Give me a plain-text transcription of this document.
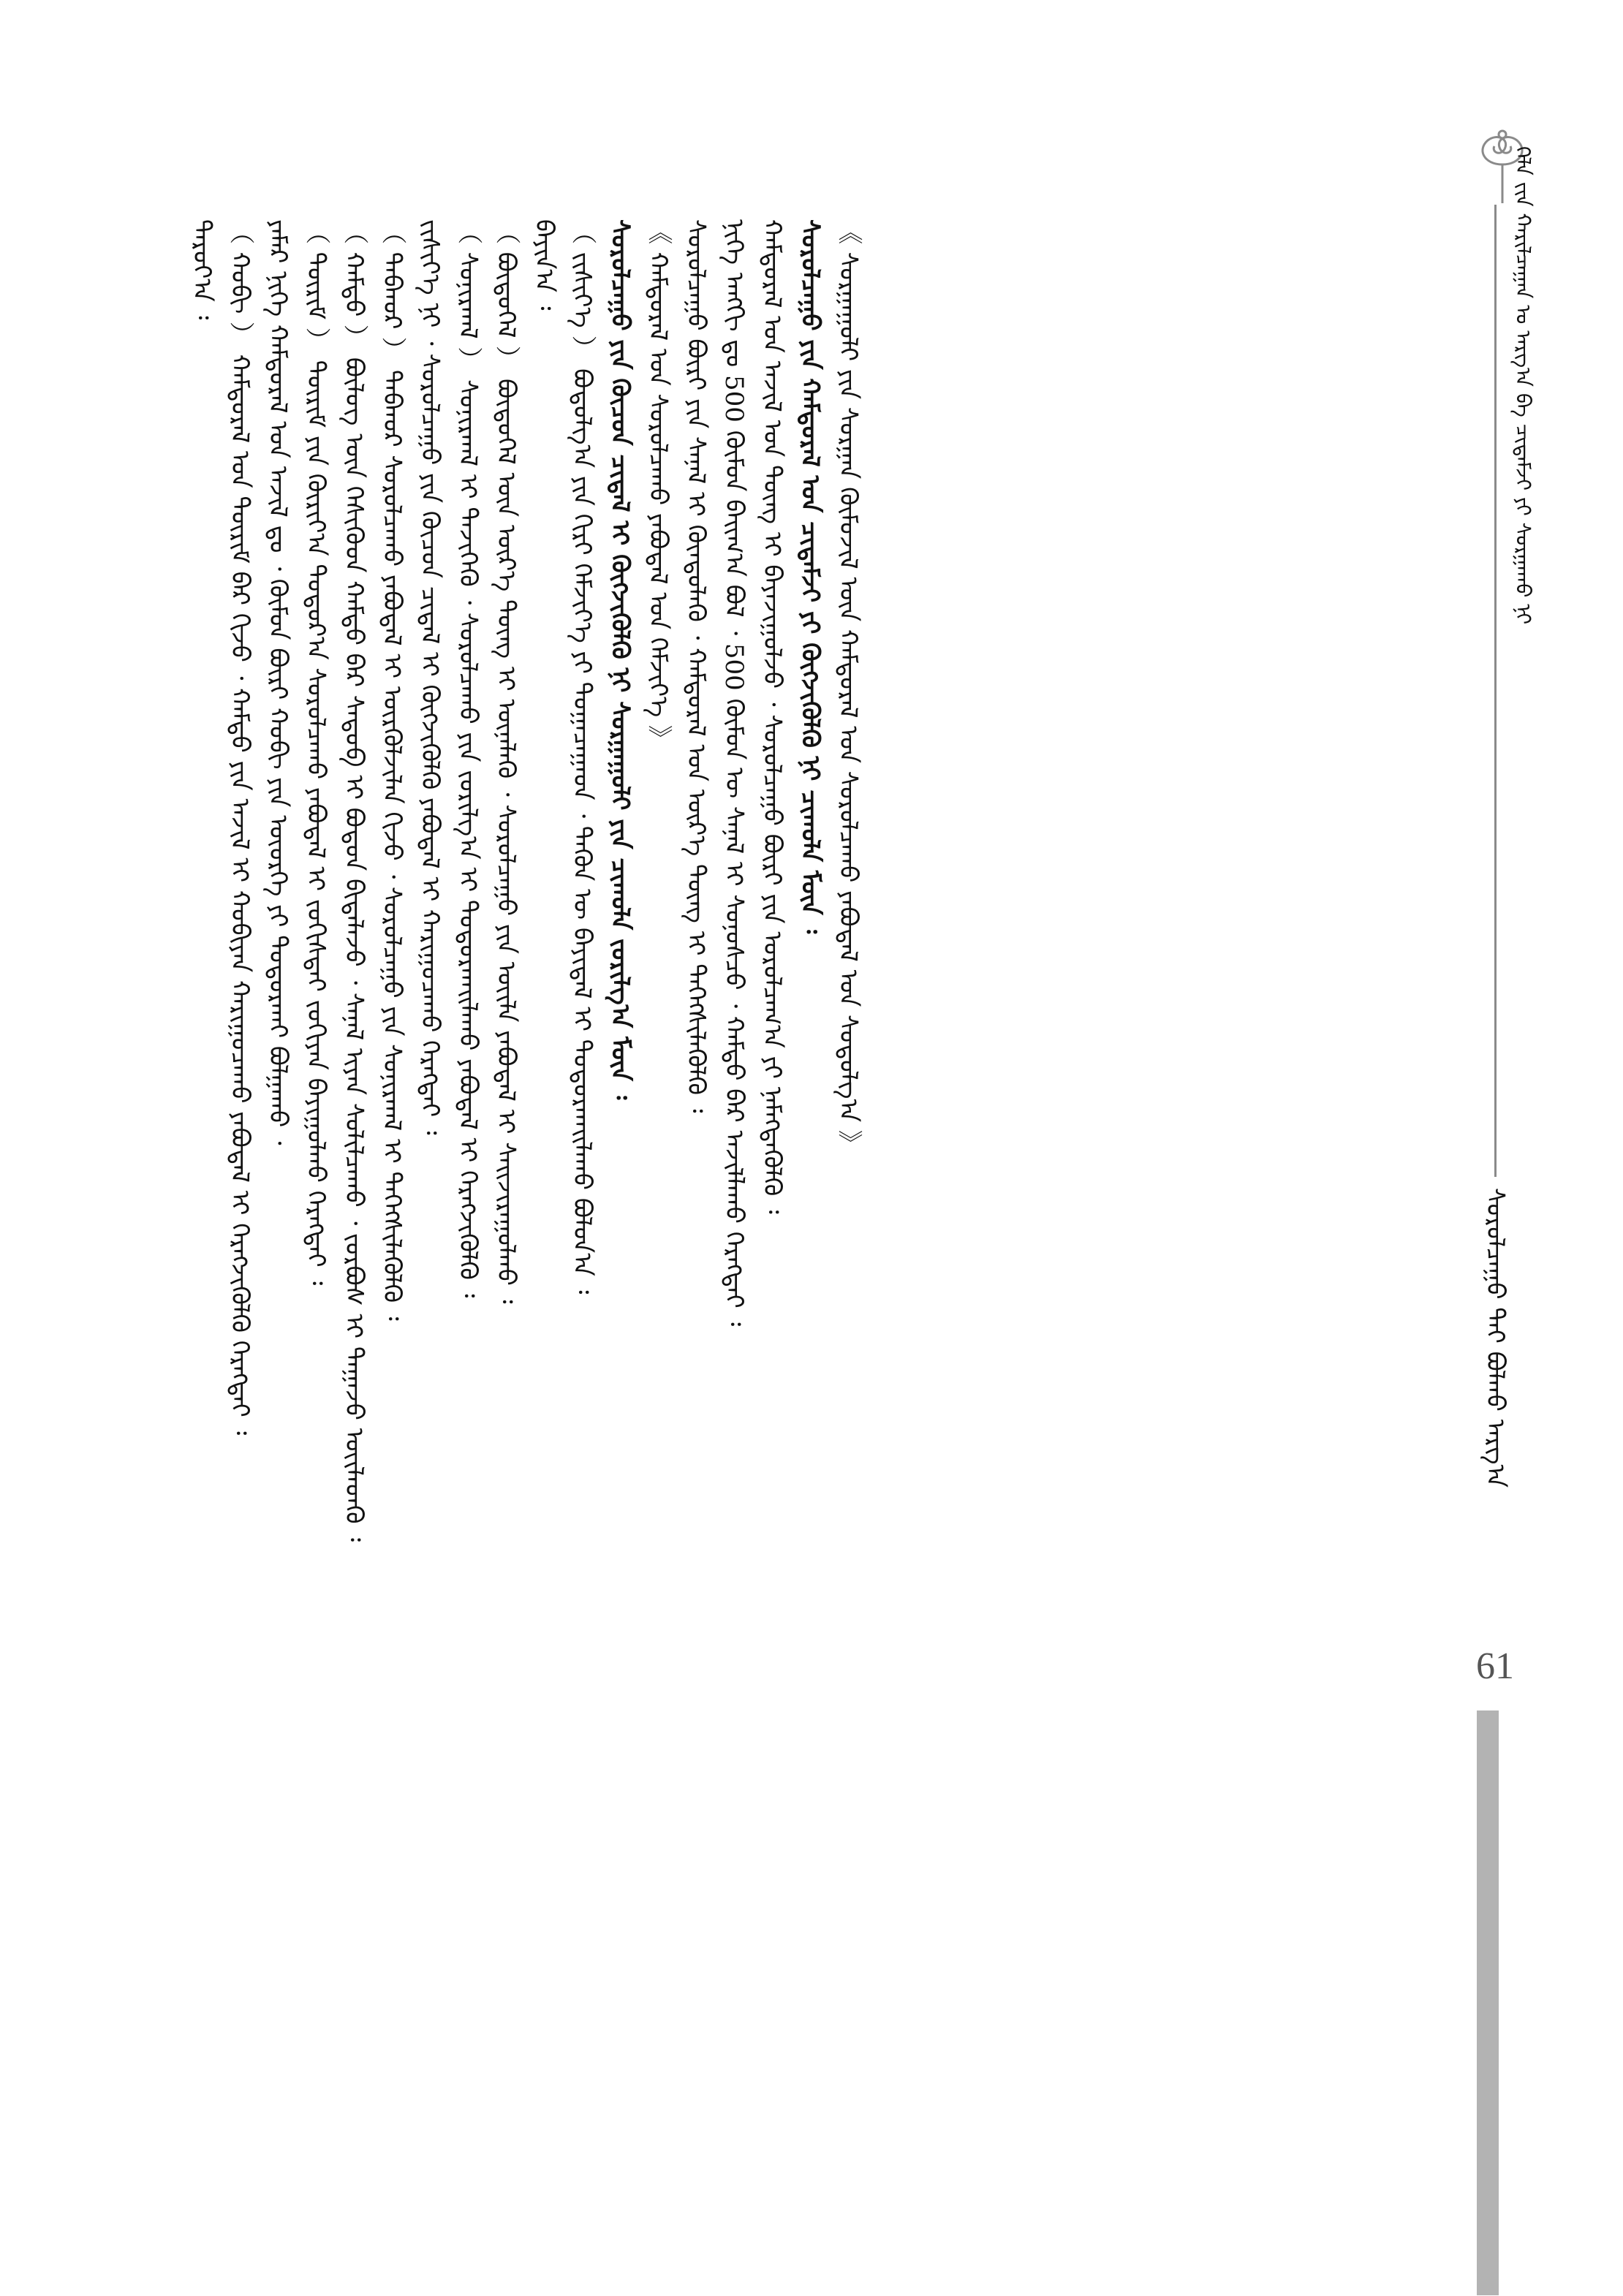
ᠰᠤᠷᠤᠯᠴᠠᠭᠤ ᠲᠠᠢ ᠪᠣᠯᠬᠤ ᠠᠷᠭ᠎ᠠ
ᠬᠡᠯᠡ ᠵᠢᠨ ᠬᠠᠷᠢᠯᠴᠠᠭᠠᠨ ᠤ ᠠᠷᠭ᠎ᠠ ᠪᠠ ᠴᠢᠳᠠᠮᠵᠢ ᠶᠢ ᠰᠤᠷᠭᠠᠬᠤ ᠨᠢ
ᠳᠠᠷᠤᠶ᠎ᠠ ᠄ （ ᠬᠤᠪᠢ ） ᠬᠠᠮᠲᠤᠷᠠᠯ ᠤᠨ ᠳᠦᠷᠢᠮ ᠪᠠᠷ ᠬᠢᠵᠦ ᠂ ᠬᠠᠮᠲᠤ ᠶᠢᠨ ᠠᠵᠢᠯ ᠢ ᠬᠤᠪᠢᠶᠠᠨ ᠬᠠᠷᠢᠭᠤᠴᠠᠬᠤ ᠶᠠᠪᠤᠳᠠᠯ ᠢ ᠬᠡᠷᠡᠭᠵᠢᠭᠦᠯᠬᠦ ᠬᠡᠷᠡᠭᠲᠡᠢ ᠄ ᠶᠠᠮᠠᠷ ᠨᠢᠭᠡ ᠬᠠᠮᠲᠤᠷᠠᠯ ᠤᠨ ᠠᠵᠢᠯ ᠳᠤ ᠂ ᠬᠦᠮᠦᠨ ᠪᠦᠷᠢ ᠬᠤᠪᠢ ᠶᠢᠨ ᠦᠦᠷᠭᠡ ᠶᠢ ᠲᠣᠳᠣᠷᠬᠠᠢ ᠪᠣᠯᠭᠠᠬᠤ ᠂ （ ᠳᠦᠷᠢᠮ ） ᠳᠦᠷᠢᠮ ᠶᠢᠨ ᠬᠦᠷᠢᠶ᠎ᠡᠨ ᠳᠣᠲᠣᠷ᠎ᠠ ᠰᠤᠷᠤᠯᠴᠠᠬᠤ ᠶᠠᠪᠤᠳᠠᠯ ᠢ ᠵᠣᠬᠢᠰᠲᠠᠢ ᠵᠣᠬᠢᠶᠠᠨ ᠪᠠᠶᠢᠭᠤᠯᠬᠤ ᠬᠡᠷᠡᠭᠲᠡᠢ ᠄ （ ᠬᠠᠮᠲᠤ ） ᠪᠦᠯᠦᠭ ᠦᠨ ᠭᠡᠰᠢᠭᠦᠳ ᠬᠠᠮᠲᠤ ᠪᠡᠷ ᠰᠡᠳᠦᠪ ᠢ ᠪᠣᠳᠣᠨ ᠪᠢᠳᠠᠯᠠᠵᠤ ᠂ ᠰᠠᠨᠠᠯ ᠢᠶᠠᠨ ᠰᠣᠯᠢᠯᠴᠠᠬᠤ ᠂ ᠵᠤᠷᠪᠤᠰ ᠢ ᠳᠠᠭᠠᠵᠤ ᠦᠢᠯᠡᠳᠬᠦ ᠄ （ ᠳᠠᠪᠬᠤᠷ ） ᠳᠠᠪᠬᠤᠷ ᠰᠤᠷᠤᠯᠴᠠᠬᠤ ᠶᠠᠪᠤᠳᠠᠯ ᠢ ᠦᠷᠭᠦᠯᠵᠢᠯᠡᠨ ᠬᠢᠵᠦ ᠂ ᠰᠤᠷᠤᠯᠴᠠᠭᠤ ᠶᠢᠨ ᠰᠣᠨᠢᠷᠬᠠᠯ ᠢ ᠳᠡᠭᠡᠭᠰᠢᠯᠡᠭᠦᠯᠬᠦ ᠄ ᠵᠢᠱᠢᠶ᠎ᠡ ᠨᠢ ᠂ ᠰᠤᠷᠤᠯᠴᠠᠭᠤ ᠶᠢᠨ ᠬᠦᠴᠦᠨ ᠴᠢᠳᠠᠯ ᠢ ᠬᠦᠭᠵᠢᠭᠦᠯᠬᠦ ᠶᠠᠪᠤᠳᠠᠯ ᠢ ᠬᠠᠷᠢᠭᠤᠴᠠᠬᠤ ᠬᠡᠷᠡᠭᠲᠡᠢ ᠄ （ ᠰᠣᠨᠢᠷᠬᠠᠯ ） ᠰᠣᠨᠢᠷᠬᠠᠯ ᠢ ᠲᠡᠵᠢᠭᠡᠬᠦ ᠂ ᠰᠤᠷᠤᠯᠴᠠᠬᠤ ᠶᠢᠨ ᠵᠣᠷᠢᠯᠭ᠎ᠠ ᠢ ᠲᠣᠳᠣᠷᠬᠠᠢᠯᠠᠬᠤ ᠶᠠᠪᠤᠳᠠᠯ ᠢ ᠬᠡᠷᠡᠭᠵᠢᠭᠦᠯᠬᠦ ᠄ （ ᠪᠦᠲᠦᠭᠡᠯ ） ᠪᠦᠲᠦᠭᠡᠯ ᠦᠨ ᠦᠷ᠎ᠡ ᠳᠦᠩ ᠢ ᠦᠨᠡᠯᠡᠬᠦ ᠂ ᠰᠤᠷᠤᠯᠴᠠᠭᠤ ᠶᠢᠨ ᠦᠢᠯᠡ ᠶᠠᠪᠤᠳᠠᠯ ᠢ ᠰᠠᠢᠵᠢᠷᠠᠭᠤᠯᠬᠤ ᠄ ᠪᠠᠶᠢᠨ᠎ᠠ ᠄ （ ᠵᠢᠱᠢᠶ᠎ᠡ ） ᠪᠣᠳᠣᠯᠭ᠎ᠠ ᠶᠢᠨ ᠬᠢᠷᠢ ᠬᠡᠮᠵᠢᠶ᠎ᠡ ᠶᠢ ᠲᠣᠭᠠᠴᠠᠭᠠᠳ ᠂ ᠲᠡᠭᠦᠨ ᠦ ᠪᠠᠶᠢᠳᠠᠯ ᠢ ᠲᠣᠳᠣᠷᠬᠠᠢᠯᠠᠬᠤ ᠪᠣᠯᠣᠨ᠎ᠠ ᠄ ᠰᠤᠷᠤᠯᠴᠠᠭᠤ ᠶᠢᠨ ᠬᠦᠴᠦᠨ ᠴᠢᠳᠠᠯ ᠢ ᠬᠦᠭᠵᠢᠭᠦᠯᠬᠦ ᠨᠢ ᠰᠤᠷᠭᠠᠭᠤᠯᠢ ᠶᠢᠨ ᠴᠢᠬᠤᠯᠠ ᠵᠣᠷᠢᠯᠭ᠎ᠠ ᠮᠥᠨ ᠄ 《 ᠬᠠᠮᠲᠤᠷᠠᠯ ᠤᠨ ᠰᠤᠷᠤᠯᠴᠠᠬᠤ ᠶᠠᠪᠤᠳᠠᠯ ᠤᠨ ᠬᠡᠮᠵᠢᠶ᠎ᠡ 》 ᠰᠤᠷᠤᠯᠴᠠᠭᠤ ᠪᠦᠷᠢ ᠶᠢᠨ ᠰᠠᠨᠠᠯ ᠢ ᠬᠦᠨᠳᠦᠯᠡᠬᠦ ᠂ ᠬᠠᠮᠲᠤᠷᠠᠯ ᠤᠨ ᠦᠷ᠎ᠡ ᠳᠦᠩ ᠢ ᠳᠡᠭᠡᠭᠰᠢᠯᠡᠭᠦᠯᠬᠦ ᠄ ᠨᠢᠭᠡ ᠠᠩᠭᠢ ᠳᠤ 500 ᠬᠦᠮᠦᠨ ᠪᠠᠢᠭ᠎ᠠ ᠪᠣᠯ ᠂ 500 ᠬᠦᠮᠦᠨ ᠦ ᠰᠠᠨᠠᠯ ᠢ ᠰᠣᠨᠣᠰᠴᠤ ᠂ ᠬᠠᠮᠲᠤ ᠪᠡᠷ ᠠᠵᠢᠯᠯᠠᠬᠤ ᠬᠡᠷᠡᠭᠲᠡᠢ ᠄ ᠬᠠᠮᠲᠤᠷᠠᠯ ᠤᠨ ᠠᠵᠢᠯ ᠤᠨ ᠳᠦᠩ ᠢ ᠪᠠᠶᠠᠵᠢᠭᠤᠯᠵᠤ ᠂ ᠰᠤᠷᠤᠯᠴᠠᠭᠤ ᠪᠦᠷᠢ ᠶᠢᠨ ᠣᠷᠤᠯᠴᠠᠭ᠎ᠠ ᠶᠢ ᠨᠡᠮᠡᠭᠳᠡᠭᠦᠯᠬᠦ ᠄ ᠰᠤᠷᠤᠯᠴᠠᠭᠤ ᠶᠢᠨ ᠬᠠᠮᠲᠤᠷᠠᠯ ᠤᠨ ᠴᠢᠳᠠᠮᠵᠢ ᠶᠢ ᠬᠦᠭᠵᠢᠭᠦᠯᠬᠦ ᠨᠢ ᠴᠢᠬᠤᠯᠠ ᠮᠥᠨ ᠄ 《 ᠰᠤᠷᠭᠠᠭᠤᠯᠢ ᠶᠢᠨ ᠰᠤᠷᠭᠠᠨ ᠬᠦᠮᠦᠵᠢᠯ ᠦᠨ ᠬᠠᠮᠲᠤᠷᠠᠯ ᠤᠨ ᠰᠤᠷᠤᠯᠴᠠᠬᠤ ᠶᠠᠪᠤᠳᠠᠯ ᠤᠨ ᠰᠤᠳᠤᠯᠭ᠎ᠠ 》
61
